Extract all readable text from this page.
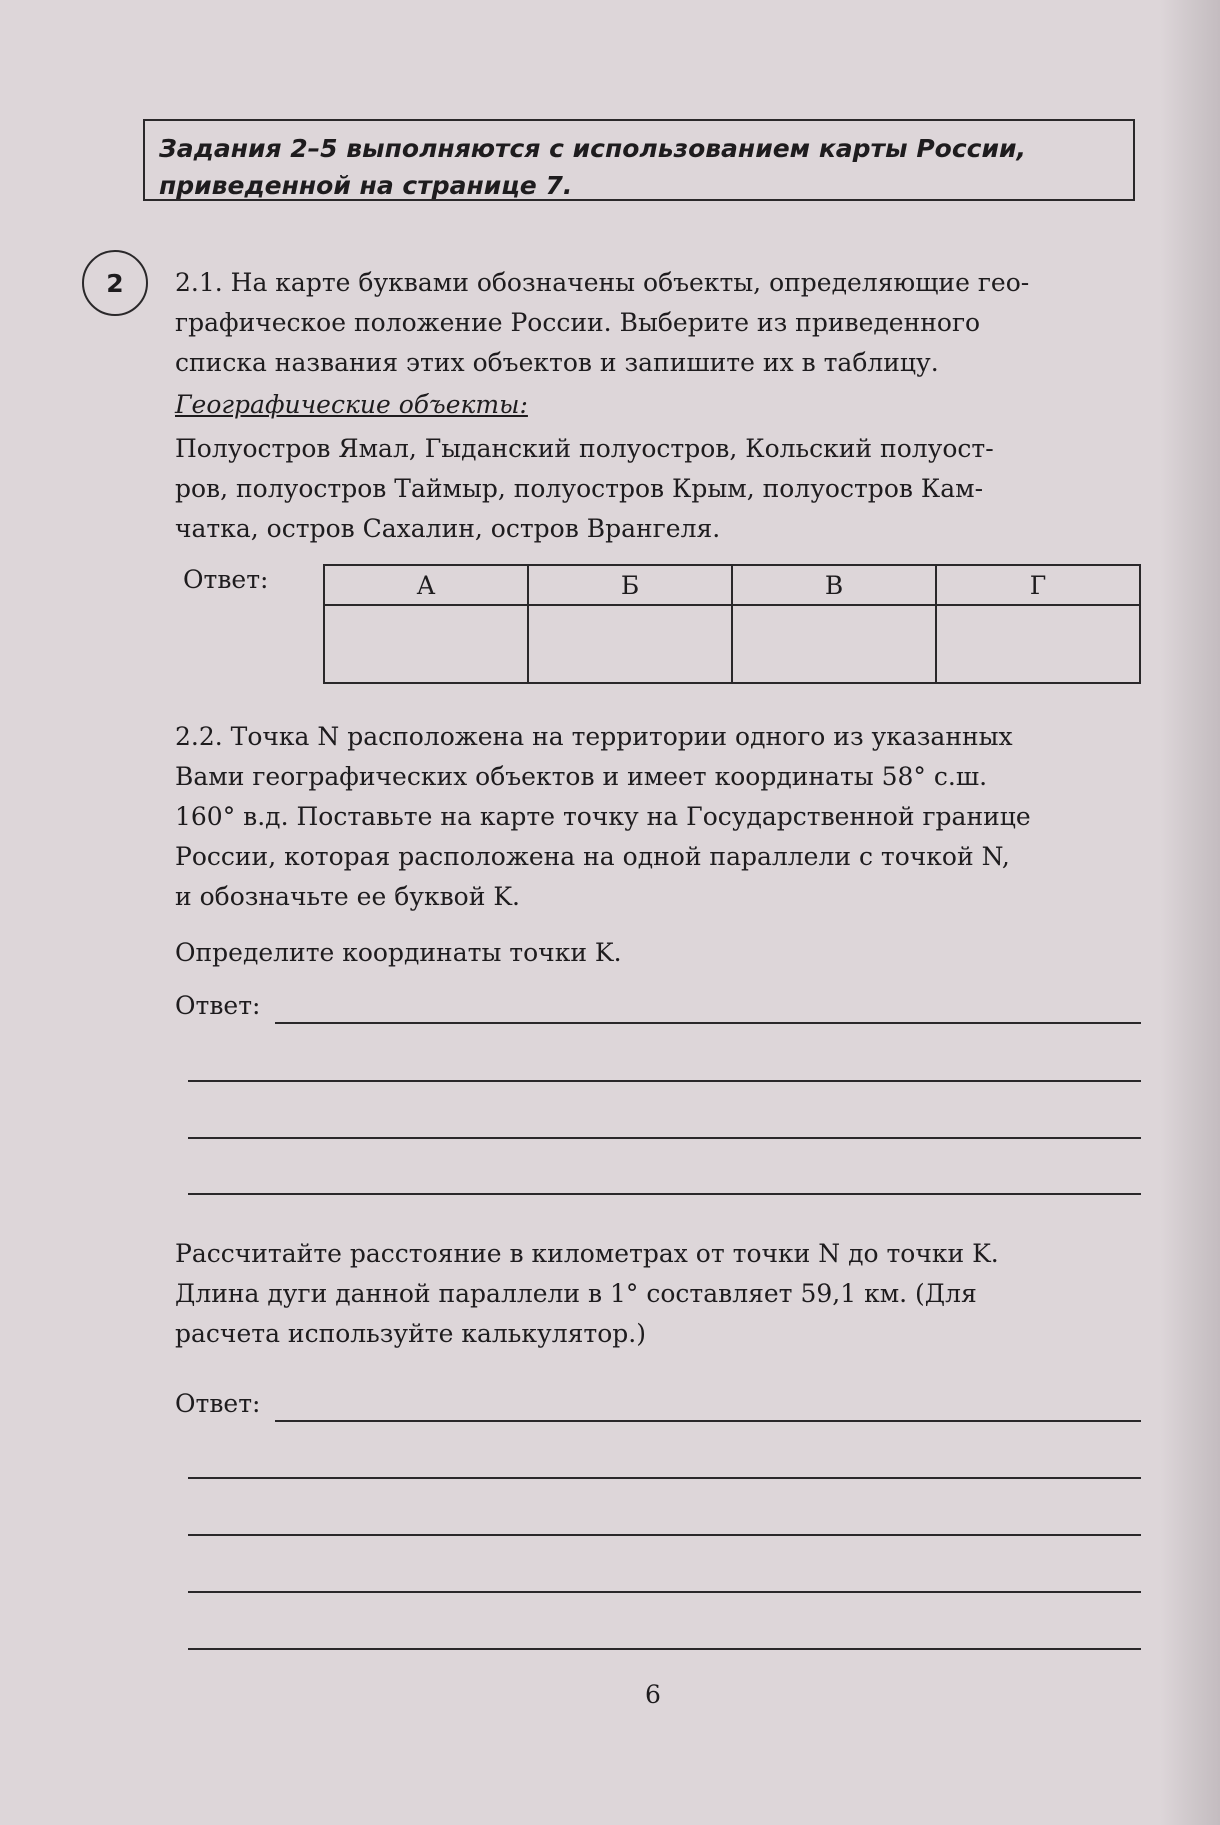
Задания 2–5 выполняются с использованием карты России,
приведенной на странице 7.
2	2.1. На карте буквами обозначены объекты, определяющие гео-
графическое положение России. Выберите из приведенного
списка названия этих объектов и запишите их в таблицу.
Географические объекты:
Полуостров Ямал, Гыданский полуостров, Кольский полуост-
ров, полуостров Таймыр, полуостров Крым, полуостров Кам-
чатка, остров Сахалин, остров Врангеля.
Ответ:	А	Б	В	Г

2.2. Точка N расположена на территории одного из указанных
Вами географических объектов и имеет координаты 58° с.ш.
160° в.д. Поставьте на карте точку на Государственной границе
России, которая расположена на одной параллели с точкой N,
и обозначьте ее буквой K.
Определите координаты точки K.
Ответ:
Рассчитайте расстояние в километрах от точки N до точки K.
Длина дуги данной параллели в 1° составляет 59,1 км. (Для
расчета используйте калькулятор.)
Ответ:
6
